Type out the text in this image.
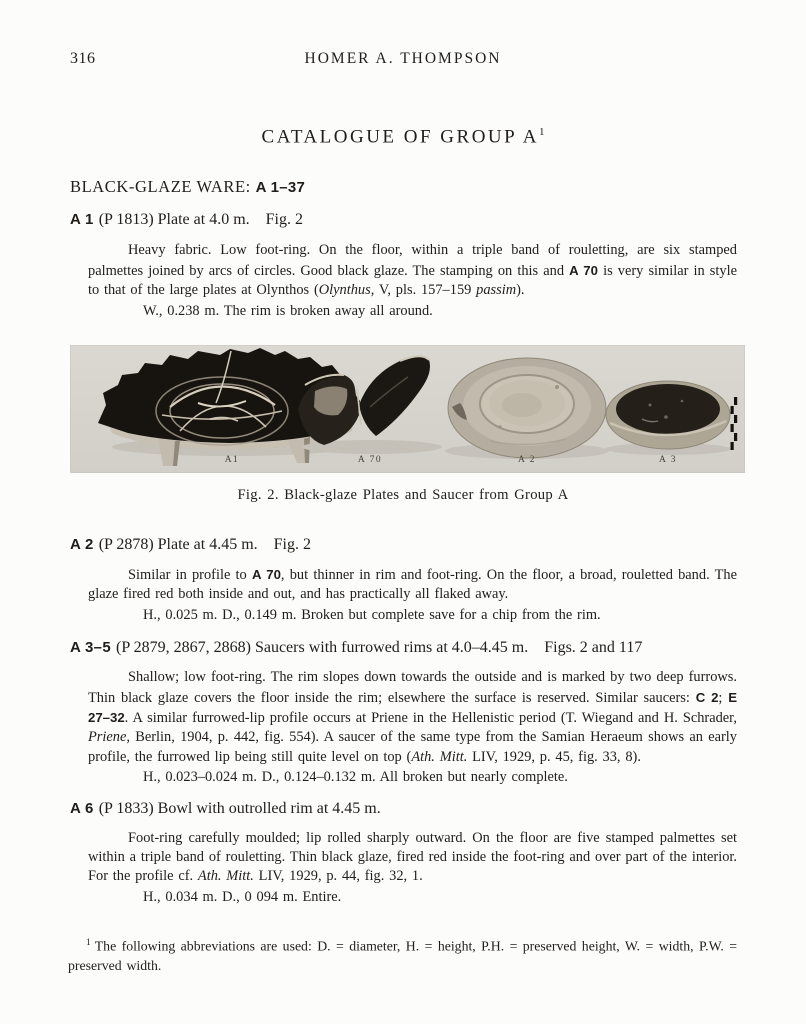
316	HOMER A. THOMPSON
CATALOGUE OF GROUP $A^1$
BLACK-GLAZE WARE: A 1–37

A 1 (P 1813) Plate at 4.0 m. Fig. 2

Heavy fabric. Low foot-ring. On the floor, within a triple band of rouletting, are six stamped palmettes joined by arcs of circles. Good black glaze. The stamping on this and A 70 is very similar in style to that of the large plates at Olynthos (Olynthus, V, pls. 157–159 passim).

W., 0.238 m. The rim is broken away all around.

A1	A 70	A 2	A 3
Fig. 2. Black-glaze Plates and Saucer from Group A

A 2 (P 2878) Plate at 4.45 m. Fig. 2

Similar in profile to A 70, but thinner in rim and foot-ring. On the floor, a broad, rouletted band. The glaze fired red both inside and out, and has practically all flaked away.

H., 0.025 m. D., 0.149 m. Broken but complete save for a chip from the rim.

A 3–5 (P 2879, 2867, 2868) Saucers with furrowed rims at 4.0–4.45 m. Figs. 2 and 117

Shallow; low foot-ring. The rim slopes down towards the outside and is marked by two deep furrows. Thin black glaze covers the floor inside the rim; elsewhere the surface is reserved. Similar saucers: C 2; E 27–32. A similar furrowed-lip profile occurs at Priene in the Hellenistic period (T. Wiegand and H. Schrader, Priene, Berlin, 1904, p. 442, fig. 554). A saucer of the same type from the Samian Heraeum shows an early profile, the furrowed lip being still quite level on top (Ath. Mitt. LIV, 1929, p. 45, fig. 33, 8).

H., 0.023–0.024 m. D., 0.124–0.132 m. All broken but nearly complete.

A 6 (P 1833) Bowl with outrolled rim at 4.45 m.

Foot-ring carefully moulded; lip rolled sharply outward. On the floor are five stamped palmettes set within a triple band of rouletting. Thin black glaze, fired red inside the foot-ring and over part of the interior. For the profile cf. Ath. Mitt. LIV, 1929, p. 44, fig. 32, 1.

H., 0.034 m. D., 0 094 m. Entire.

$^1$ The following abbreviations are used: D. = diameter, H. = height, P.H. = preserved height, W. = width, P.W. = preserved width.
